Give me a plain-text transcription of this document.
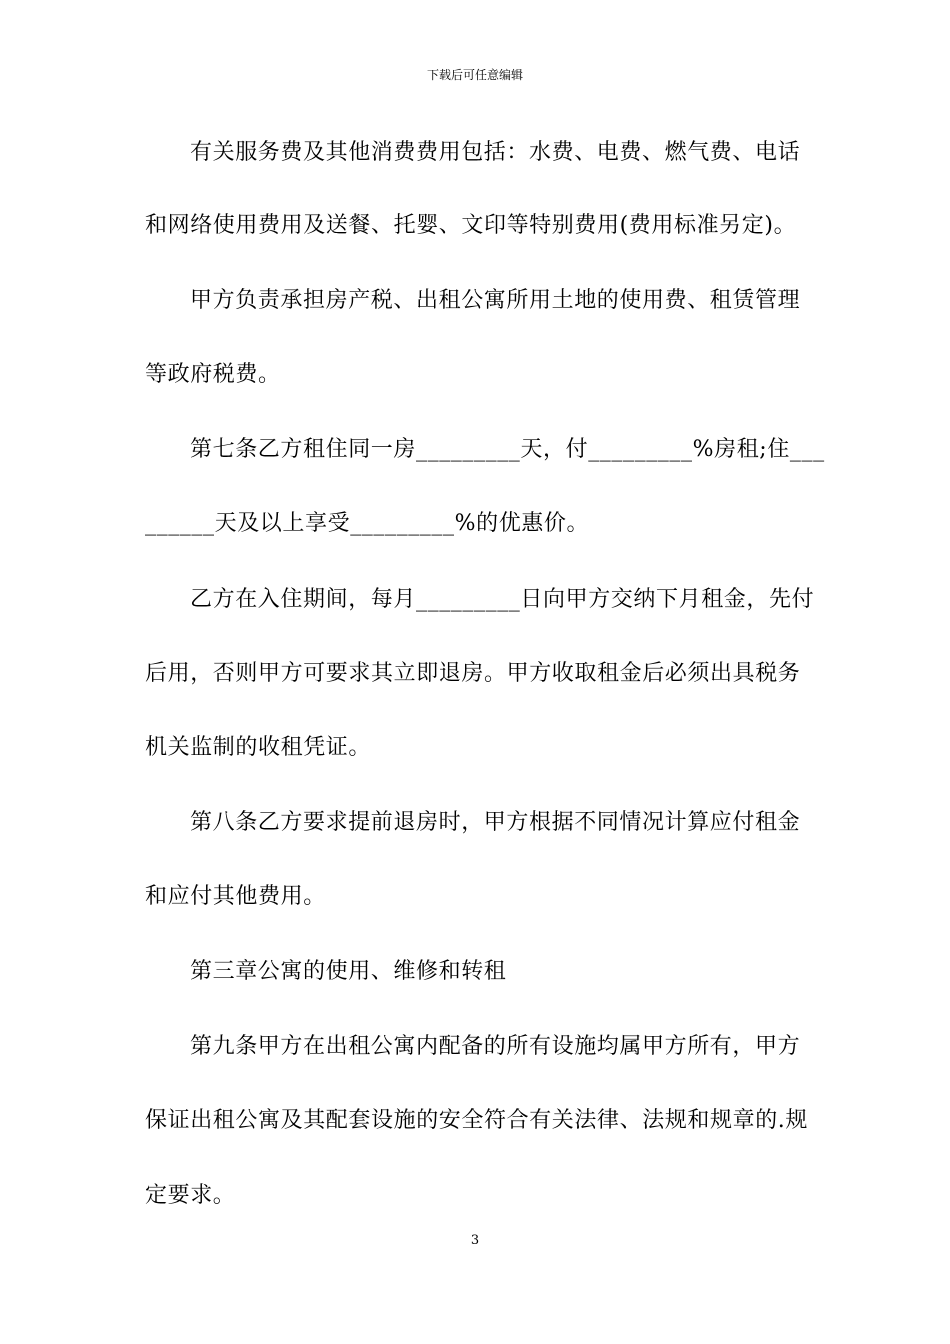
下载后可任意编辑
有关服务费及其他消费费用包括：水费、电费、燃气费、电话
和网络使用费用及送餐、托婴、文印等特别费用(费用标准另定)。
甲方负责承担房产税、出租公寓所用土地的使用费、租赁管理
等政府税费。
第七条乙方租住同一房_________天，付_________%房租;住___
______天及以上享受_________%的优惠价。
乙方在入住期间，每月_________日向甲方交纳下月租金，先付
后用，否则甲方可要求其立即退房。甲方收取租金后必须出具税务
机关监制的收租凭证。
第八条乙方要求提前退房时，甲方根据不同情况计算应付租金
和应付其他费用。
第三章公寓的使用、维修和转租
第九条甲方在出租公寓内配备的所有设施均属甲方所有，甲方
保证出租公寓及其配套设施的安全符合有关法律、法规和规章的.规
定要求。
3
